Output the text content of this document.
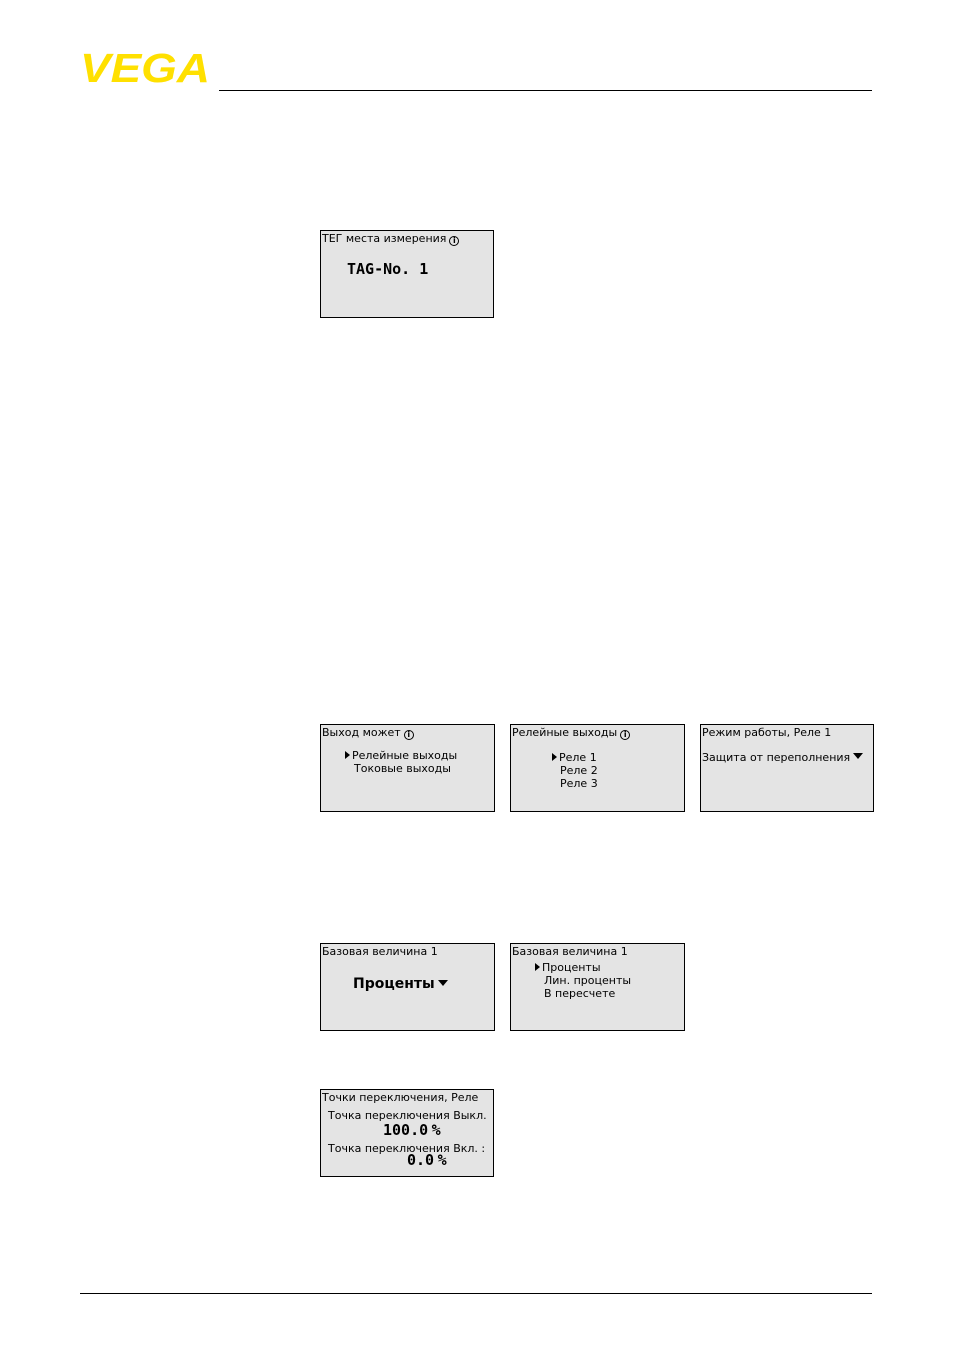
VEGA
ТЕГ места измерения i
TAG-No. 1
Выход может i
Релейные выходы
Токовые выходы
Релейные выходы i
Реле 1
Реле 2
Реле 3
Режим работы, Реле 1
Защита от переполнения
Базовая величина 1
Проценты
Базовая величина 1
Проценты
Лин. проценты
В пересчете
Точки переключения, Реле
Точка переключения Выкл.
100.0 %
Точка переключения Вкл. :
0.0 %
